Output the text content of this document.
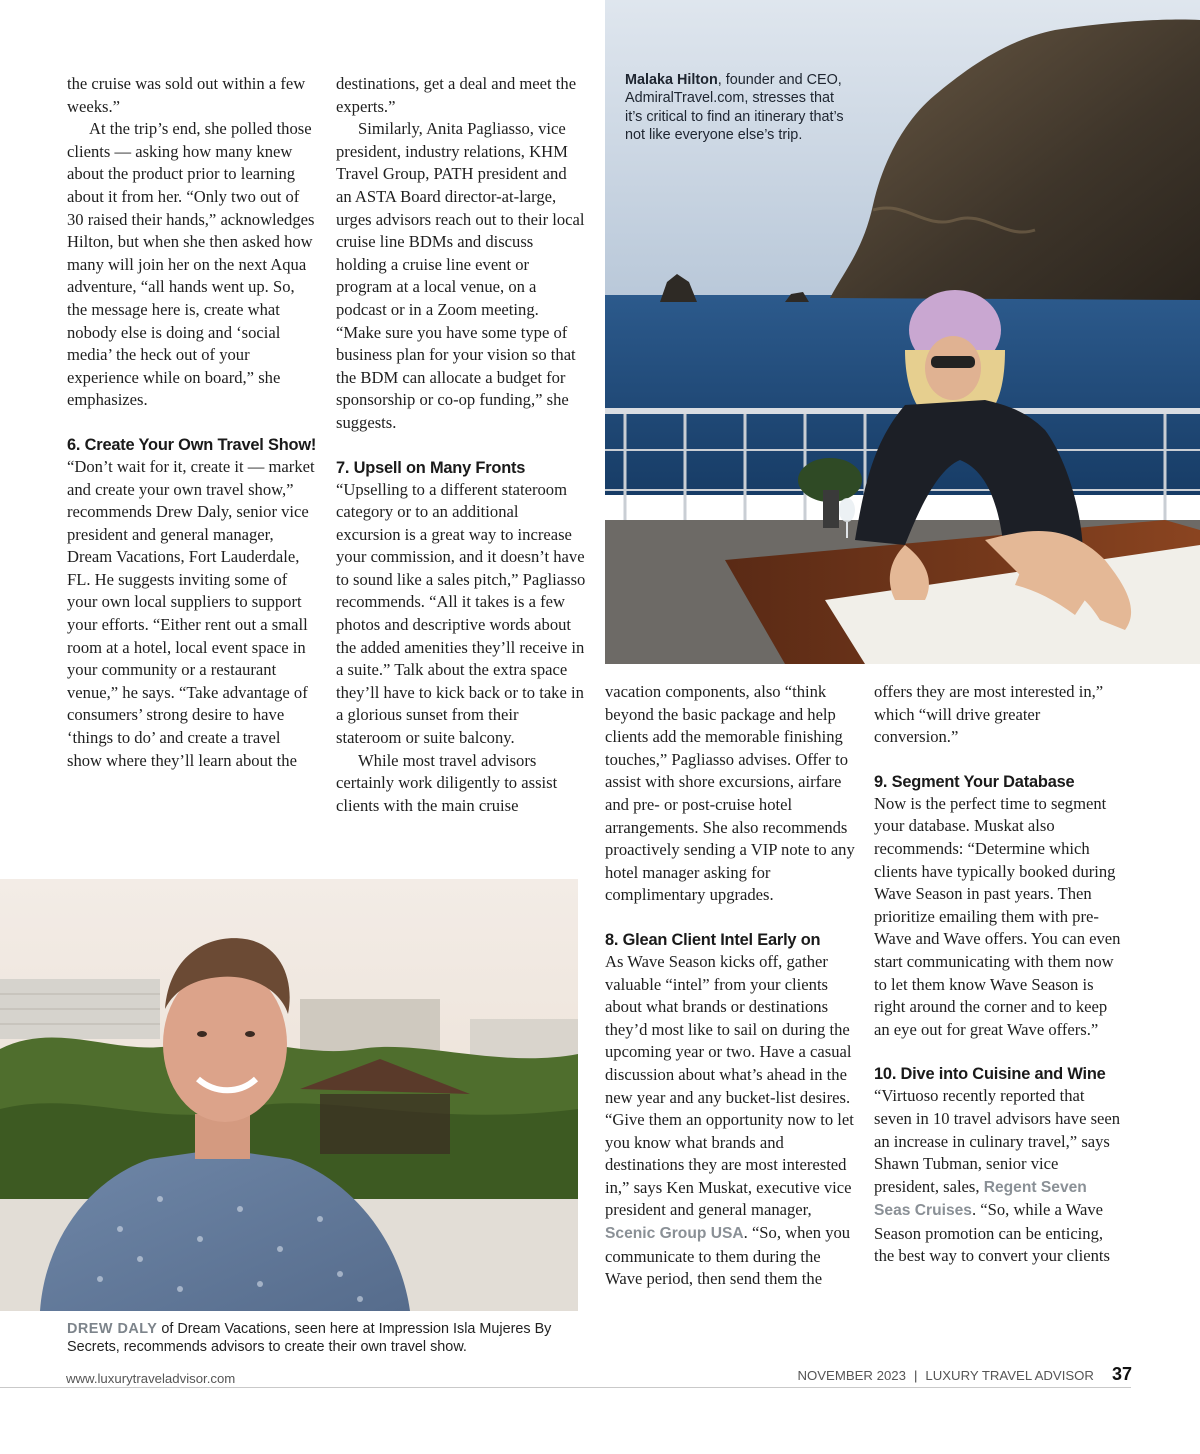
the cruise was sold out within a few weeks.”

At the trip’s end, she polled those clients — asking how many knew about the product prior to learning about it from her. “Only two out of 30 raised their hands,” acknowledges Hilton, but when she then asked how many will join her on the next Aqua adventure, “all hands went up. So, the message here is, create what nobody else is doing and ‘social media’ the heck out of your experience while on board,” she emphasizes.

6. Create Your Own Travel Show!

“Don’t wait for it, create it — market and create your own travel show,” recommends Drew Daly, senior vice president and general manager, Dream Vacations, Fort Lauderdale, FL. He suggests inviting some of your own local suppliers to support your efforts. “Either rent out a small room at a hotel, local event space in your community or a restaurant venue,” he says. “Take advantage of consumers’ strong desire to have ‘things to do’ and create a travel show where they’ll learn about the

destinations, get a deal and meet the experts.”

Similarly, Anita Pagliasso, vice president, industry relations, KHM Travel Group, PATH president and an ASTA Board director-at-large, urges advisors reach out to their local cruise line BDMs and discuss holding a cruise line event or program at a local venue, on a podcast or in a Zoom meeting. “Make sure you have some type of business plan for your vision so that the BDM can allocate a budget for sponsorship or co-op funding,” she suggests.

7. Upsell on Many Fronts

“Upselling to a different stateroom category or to an additional excursion is a great way to increase your commission, and it doesn’t have to sound like a sales pitch,” Pagliasso recommends. “All it takes is a few photos and descriptive words about the added amenities they’ll receive in a suite.” Talk about the extra space they’ll have to kick back or to take in a glorious sunset from their stateroom or suite balcony.

While most travel advisors certainly work diligently to assist clients with the main cruise

vacation components, also “think beyond the basic package and help clients add the memorable finishing touches,” Pagliasso advises. Offer to assist with shore excursions, airfare and pre- or post-cruise hotel arrangements. She also recommends proactively sending a VIP note to any hotel manager asking for complimentary upgrades.

8. Glean Client Intel Early on

As Wave Season kicks off, gather valuable “intel” from your clients about what brands or destinations they’d most like to sail on during the upcoming year or two. Have a casual discussion about what’s ahead in the new year and any bucket-list desires. “Give them an opportunity now to let you know what brands and destinations they are most interested in,” says Ken Muskat, executive vice president and general manager, Scenic Group USA. “So, when you communicate to them during the Wave period, then send them the

offers they are most interested in,” which “will drive greater conversion.”

9. Segment Your Database

Now is the perfect time to segment your database. Muskat also recommends: “Determine which clients have typically booked during Wave Season in past years. Then prioritize emailing them with pre-Wave and Wave offers. You can even start communicating with them now to let them know Wave Season is right around the corner and to keep an eye out for great Wave offers.”

10. Dive into Cuisine and Wine

“Virtuoso recently reported that seven in 10 travel advisors have seen an increase in culinary travel,” says Shawn Tubman, senior vice president, sales, Regent Seven Seas Cruises. “So, while a Wave Season promotion can be enticing, the best way to convert your clients

Malaka Hilton, founder and CEO, AdmiralTravel.com, stresses that it’s critical to find an itinerary that’s not like everyone else’s trip.
DREW DALY of Dream Vacations, seen here at Impression Isla Mujeres By Secrets, recommends advisors to create their own travel show.
www.luxurytraveladvisor.com	NOVEMBER 2023 | LUXURY TRAVEL ADVISOR 37
